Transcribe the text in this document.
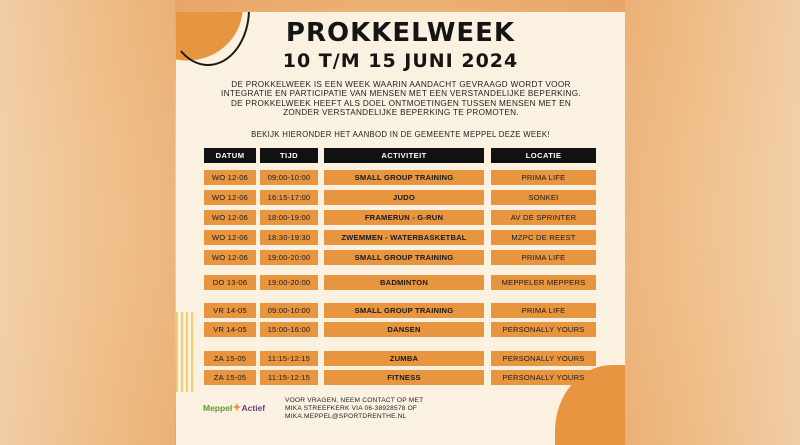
PROKKELWEEK
10 T/M 15 JUNI 2024
DE PROKKELWEEK IS EEN WEEK WAARIN AANDACHT GEVRAAGD WORDT VOOR INTEGRATIE EN PARTICIPATIE VAN MENSEN MET EEN VERSTANDELIJKE BEPERKING. DE PROKKELWEEK HEEFT ALS DOEL ONTMOETINGEN TUSSEN MENSEN MET EN ZONDER VERSTANDELIJKE BEPERKING TE PROMOTEN.
BEKIJK HIERONDER HET AANBOD IN DE GEMEENTE MEPPEL DEZE WEEK!
DATUM	TIJD	ACTIVITEIT	LOCATIE
WO 12-06	09:00-10:00	SMALL GROUP TRAINING	PRIMA LIFE
WO 12-06	16:15-17:00	JUDO	SONKEI
WO 12-06	18:00-19:00	FRAMERUN - G-RUN	AV DE SPRINTER
WO 12-06	18:30-19:30	ZWEMMEN - WATERBASKETBAL	MZPC DE REEST
WO 12-06	19:00-20:00	SMALL GROUP TRAINING	PRIMA LIFE
DO 13-06	19:00-20:00	BADMINTON	MEPPELER MEPPERS
VR 14-05	09:00-10:00	SMALL GROUP TRAINING	PRIMA LIFE
VR 14-05	15:00-16:00	DANSEN	PERSONALLY YOURS
ZA 15-05	11:15-12:15	ZUMBA	PERSONALLY YOURS
ZA 15-05	11:15-12:15	FITNESS	PERSONALLY YOURS
Meppel✦Actief
VOOR VRAGEN, NEEM CONTACT OP MET
MIKA STREEFKERK VIA 06-38928578 OF
MIKA.MEPPEL@SPORTDRENTHE.NL
